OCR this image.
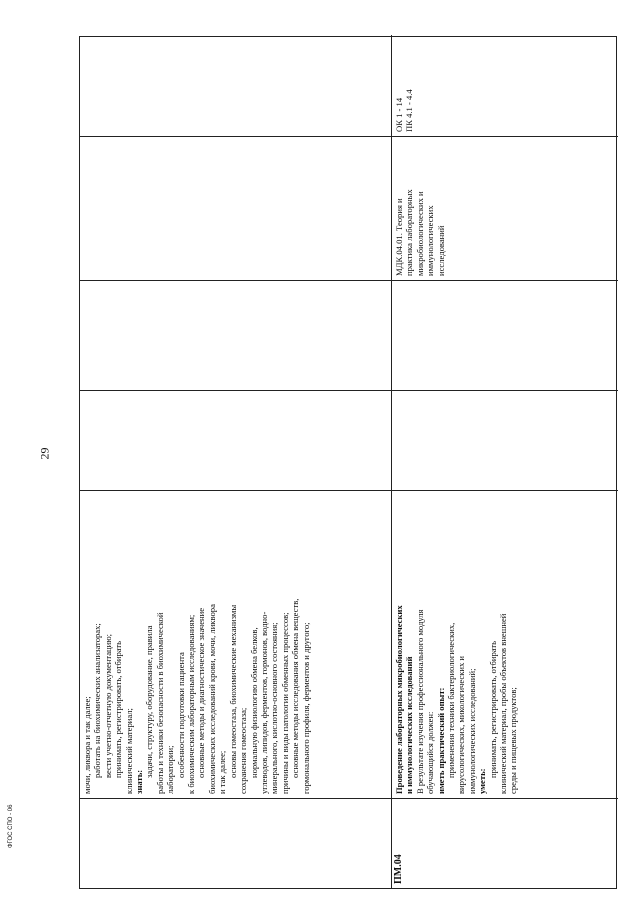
29
ФГОС СПО - 06
мочи, ликвора и так далее; работать на биохимических анализаторах; вести учетно-отчетную документацию; принимать, регистрировать, отбирать клинический материал; знать:
задачи, структуру, оборудование, правила работы и техники безопасности в биохимической лаборатории; особенности подготовки пациента к биохимическим лабораторным исследованиям; основные методы и диагностическое значение биохимических исследований крови, мочи, ликвора и так далее; основы гомеостаза, биохимические механизмы сохранения гомеостаза; нормальную физиологию обмена белков, углеводов, липидов, ферментов, гормонов, водно- минерального, кислотно-основного состояния; причины и виды патологии обменных процессов; основные методы исследования обмена веществ, гормонального профиля, ферментов и другого;
ПМ.04
Проведение лабораторных микробиологических и иммунологических исследований В результате изучения профессионального модуля обучающийся должен: иметь практический опыт: применения техники бактериологических, вирусологических, микологических и иммунологических исследований; уметь:
принимать, регистрировать, отбирать клинический материал, пробы объектов внешней среды и пищевых продуктов;
МДК.04.01. Теория и практика лабораторных микробиологических и иммунологических исследований
ОК 1 - 14 ПК 4.1 - 4.4
